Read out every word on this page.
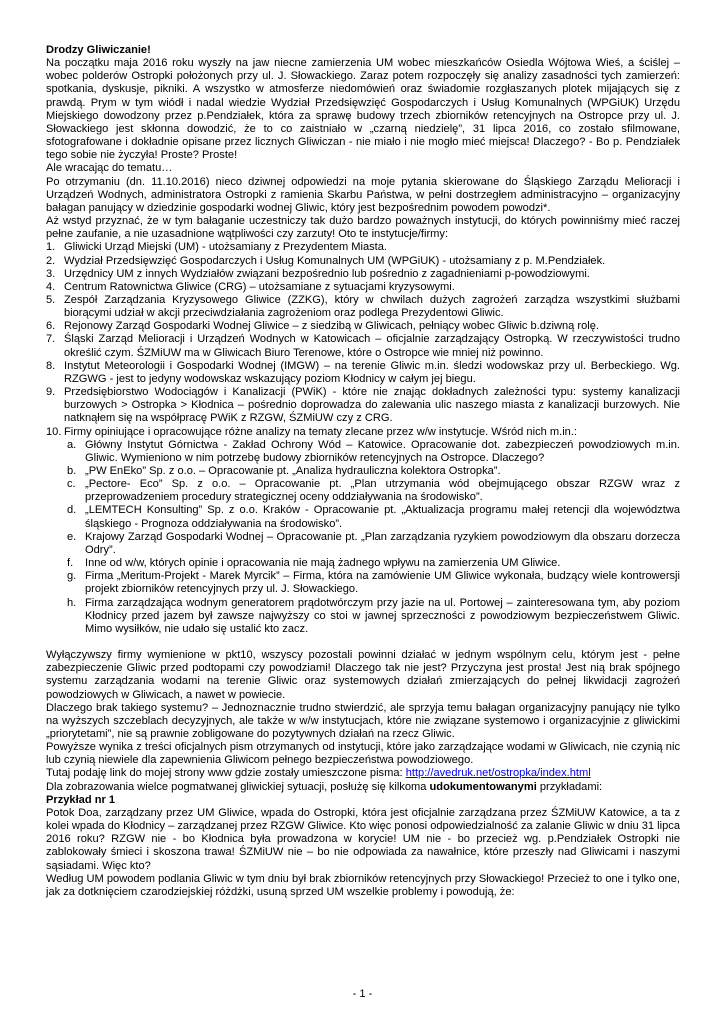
Drodzy Gliwiczanie!

Na początku maja 2016 roku wyszły na jaw niecne zamierzenia UM wobec mieszkańców Osiedla Wójtowa Wieś, a ściślej – wobec polderów Ostropki położonych przy ul. J. Słowackiego. Zaraz potem rozpoczęły się analizy zasadności tych zamierzeń: spotkania, dyskusje, pikniki. A wszystko w atmosferze niedomówień oraz świadomie rozgłaszanych plotek mijających się z prawdą. Prym w tym wiódł i nadal wiedzie Wydział Przedsięwzięć Gospodarczych i Usług Komunalnych (WPGiUK) Urzędu Miejskiego dowodzony przez p.Pendziałek, która za sprawę budowy trzech zbiorników retencyjnych na Ostropce przy ul. J. Słowackiego jest skłonna dowodzić, że to co zaistniało w „czarną niedzielę”, 31 lipca 2016, co zostało sfilmowane, sfotografowane i dokładnie opisane przez licznych Gliwiczan - nie miało i nie mogło mieć miejsca! Dlaczego? - Bo p. Pendziałek tego sobie nie życzyła! Proste? Proste!

Ale wracając do tematu…

Po otrzymaniu (dn. 11.10.2016) nieco dziwnej odpowiedzi na moje pytania skierowane do Śląskiego Zarządu Melioracji i Urządzeń Wodnych, administratora Ostropki z ramienia Skarbu Państwa, w pełni dostrzegłem administracyjno – organizacyjny bałagan panujący w dziedzinie gospodarki wodnej Gliwic, który jest bezpośrednim powodem powodzi*.

Aż wstyd przyznać, że w tym bałaganie uczestniczy tak dużo bardzo poważnych instytucji, do których powinniśmy mieć raczej pełne zaufanie, a nie uzasadnione wątpliwości czy zarzuty! Oto te instytucje/firmy:

1. Gliwicki Urząd Miejski (UM) - utożsamiany z Prezydentem Miasta.
2. Wydział Przedsięwzięć Gospodarczych i Usług Komunalnych UM (WPGiUK) - utożsamiany z p. M.Pendziałek.
3. Urzędnicy UM z innych Wydziałów związani bezpośrednio lub pośrednio z zagadnieniami p-powodziowymi.
4. Centrum Ratownictwa Gliwice (CRG) – utożsamiane z sytuacjami kryzysowymi.
5. Zespół Zarządzania Kryzysowego Gliwice (ZZKG), który w chwilach dużych zagrożeń zarządza wszystkimi służbami biorącymi udział w akcji przeciwdziałania zagrożeniom oraz podlega Prezydentowi Gliwic.
6. Rejonowy Zarząd Gospodarki Wodnej Gliwice – z siedzibą w Gliwicach, pełniący wobec Gliwic b.dziwną rolę.
7. Śląski Zarząd Melioracji i Urządzeń Wodnych w Katowicach – oficjalnie zarządzający Ostropką. W rzeczywistości trudno określić czym. ŚZMiUW ma w Gliwicach Biuro Terenowe, które o Ostropce wie mniej niż powinno.
8. Instytut Meteorologii i Gospodarki Wodnej (IMGW) – na terenie Gliwic m.in. śledzi wodowskaz przy ul. Berbeckiego. Wg. RZGWG - jest to jedyny wodowskaz wskazujący poziom Kłodnicy w całym jej biegu.
9. Przedsiębiorstwo Wodociągów i Kanalizacji (PWiK) - które nie znając dokładnych zależności typu: systemy kanalizacji burzowych > Ostropka > Kłodnica – pośrednio doprowadza do zalewania ulic naszego miasta z kanalizacji burzowych. Nie natknąłem się na współpracę PWiK z RZGW, ŚZMiUW czy z CRG.
10. Firmy opiniujące i opracowujące różne analizy na tematy zlecane przez w/w instytucje. Wśród nich m.in.:
a. Główny Instytut Górnictwa - Zakład Ochrony Wód – Katowice. Opracowanie dot. zabezpieczeń powodziowych m.in. Gliwic. Wymieniono w nim potrzebę budowy zbiorników retencyjnych na Ostropce. Dlaczego?
b. „PW EnEko” Sp. z o.o. – Opracowanie pt. „Analiza hydrauliczna kolektora Ostropka”.
c. „Pectore- Eco” Sp. z o.o. – Opracowanie pt. „Plan utrzymania wód obejmującego obszar RZGW wraz z przeprowadzeniem procedury strategicznej oceny oddziaływania na środowisko”.
d. „LEMTECH Konsulting” Sp. z o.o. Kraków - Opracowanie pt. „Aktualizacja programu małej retencji dla województwa śląskiego - Prognoza oddziaływania na środowisko”.
e. Krajowy Zarząd Gospodarki Wodnej – Opracowanie pt. „Plan zarządzania ryzykiem powodziowym dla obszaru dorzecza Odry”.
f. Inne od w/w, których opinie i opracowania nie mają żadnego wpływu na zamierzenia UM Gliwice.
g. Firma „Meritum-Projekt - Marek Myrcik” – Firma, która na zamówienie UM Gliwice wykonała, budzący wiele kontrowersji projekt zbiorników retencyjnych przy ul. J. Słowackiego.
h. Firma zarządzająca wodnym generatorem prądotwórczym przy jazie na ul. Portowej – zainteresowana tym, aby poziom Kłodnicy przed jazem był zawsze najwyższy co stoi w jawnej sprzeczności z powodziowym bezpieczeństwem Gliwic. Mimo wysiłków, nie udało się ustalić kto zacz.

Wyłączywszy firmy wymienione w pkt10, wszyscy pozostali powinni działać w jednym wspólnym celu, którym jest - pełne zabezpieczenie Gliwic przed podtopami czy powodziami! Dlaczego tak nie jest? Przyczyna jest prosta! Jest nią brak spójnego systemu zarządzania wodami na terenie Gliwic oraz systemowych działań zmierzających do pełnej likwidacji zagrożeń powodziowych w Gliwicach, a nawet w powiecie.

Dlaczego brak takiego systemu? – Jednoznacznie trudno stwierdzić, ale sprzyja temu bałagan organizacyjny panujący nie tylko na wyższych szczeblach decyzyjnych, ale także w w/w instytucjach, które nie związane systemowo i organizacyjnie z gliwickimi „priorytetami”, nie są prawnie zobligowane do pozytywnych działań na rzecz Gliwic.

Powyższe wynika z treści oficjalnych pism otrzymanych od instytucji, które jako zarządzające wodami w Gliwicach, nie czynią nic lub czynią niewiele dla zapewnienia Gliwicom pełnego bezpieczeństwa powodziowego.

Tutaj podaję link do mojej strony www gdzie zostały umieszczone pisma: http://avedruk.net/ostropka/index.html

Dla zobrazowania wielce pogmatwanej gliwickiej sytuacji, posłużę się kilkoma udokumentowanymi przykładami:

Przykład nr 1

Potok Doa, zarządzany przez UM Gliwice, wpada do Ostropki, która jest oficjalnie zarządzana przez ŚZMiUW Katowice, a ta z kolei wpada do Kłodnicy – zarządzanej przez RZGW Gliwice. Kto więc ponosi odpowiedzialność za zalanie Gliwic w dniu 31 lipca 2016 roku? RZGW nie - bo Kłodnica była prowadzona w korycie! UM nie - bo przecież wg. p.Pendziałek Ostropki nie zablokowały śmieci i skoszona trawa! ŚZMiUW nie – bo nie odpowiada za nawałnice, które przeszły nad Gliwicami i naszymi sąsiadami. Więc kto?

Według UM powodem podlania Gliwic w tym dniu był brak zbiorników retencyjnych przy Słowackiego! Przecież to one i tylko one, jak za dotknięciem czarodziejskiej różdżki, usuną sprzed UM wszelkie problemy i powodują, że:

- 1 -
